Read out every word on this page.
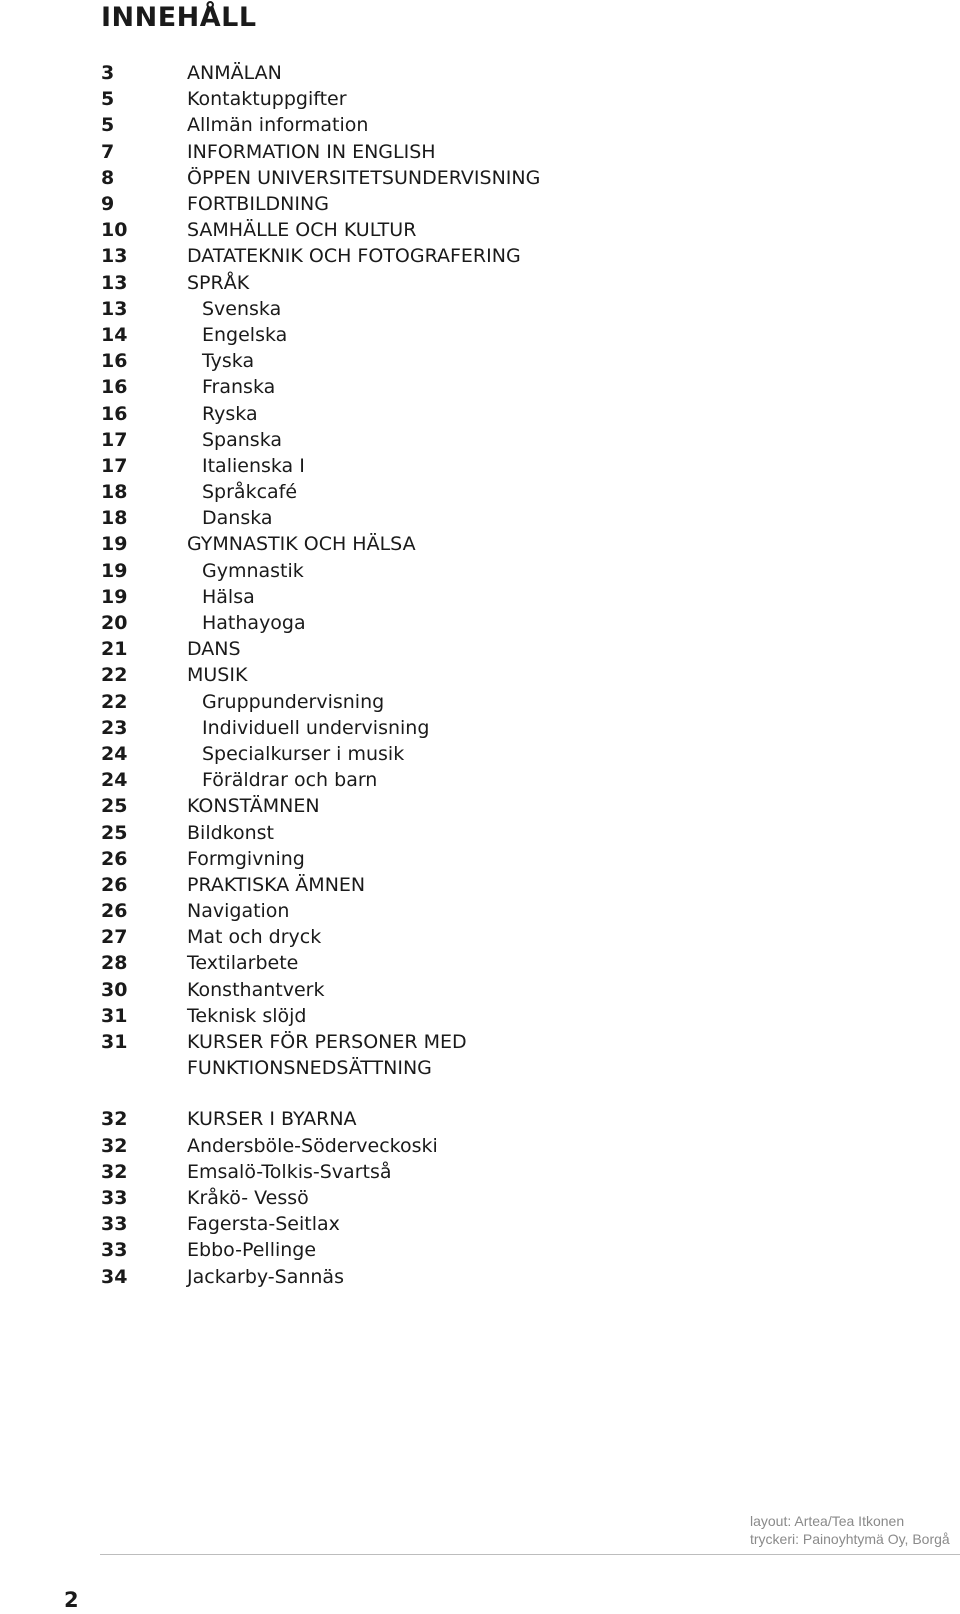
INNEHÅLL
3	ANMÄLAN
5	Kontaktuppgifter
5	Allmän information
7	INFORMATION IN ENGLISH
8	ÖPPEN UNIVERSITETSUNDERVISNING
9	FORTBILDNING
10	SAMHÄLLE OCH KULTUR
13	DATATEKNIK OCH FOTOGRAFERING
13	SPRÅK
13	Svenska
14	Engelska
16	Tyska
16	Franska
16	Ryska
17	Spanska
17	Italienska I
18	Språkcafé
18	Danska
19	GYMNASTIK OCH HÄLSA
19	Gymnastik
19	Hälsa
20	Hathayoga
21	DANS
22	MUSIK
22	Gruppundervisning
23	Individuell undervisning
24	Specialkurser i musik
24	Föräldrar och barn
25	KONSTÄMNEN
25	Bildkonst
26	Formgivning
26	PRAKTISKA ÄMNEN
26	Navigation
27	Mat och dryck
28	Textilarbete
30	Konsthantverk
31	Teknisk slöjd
31	KURSER FÖR PERSONER MED
FUNKTIONSNEDSÄTTNING
32	KURSER I BYARNA
32	Andersböle-Söderveckoski
32	Emsalö-Tolkis-Svartså
33	Kråkö- Vessö
33	Fagersta-Seitlax
33	Ebbo-Pellinge
34	Jackarby-Sannäs
layout: Artea/Tea Itkonen
tryckeri: Painoyhtymä Oy, Borgå
2
